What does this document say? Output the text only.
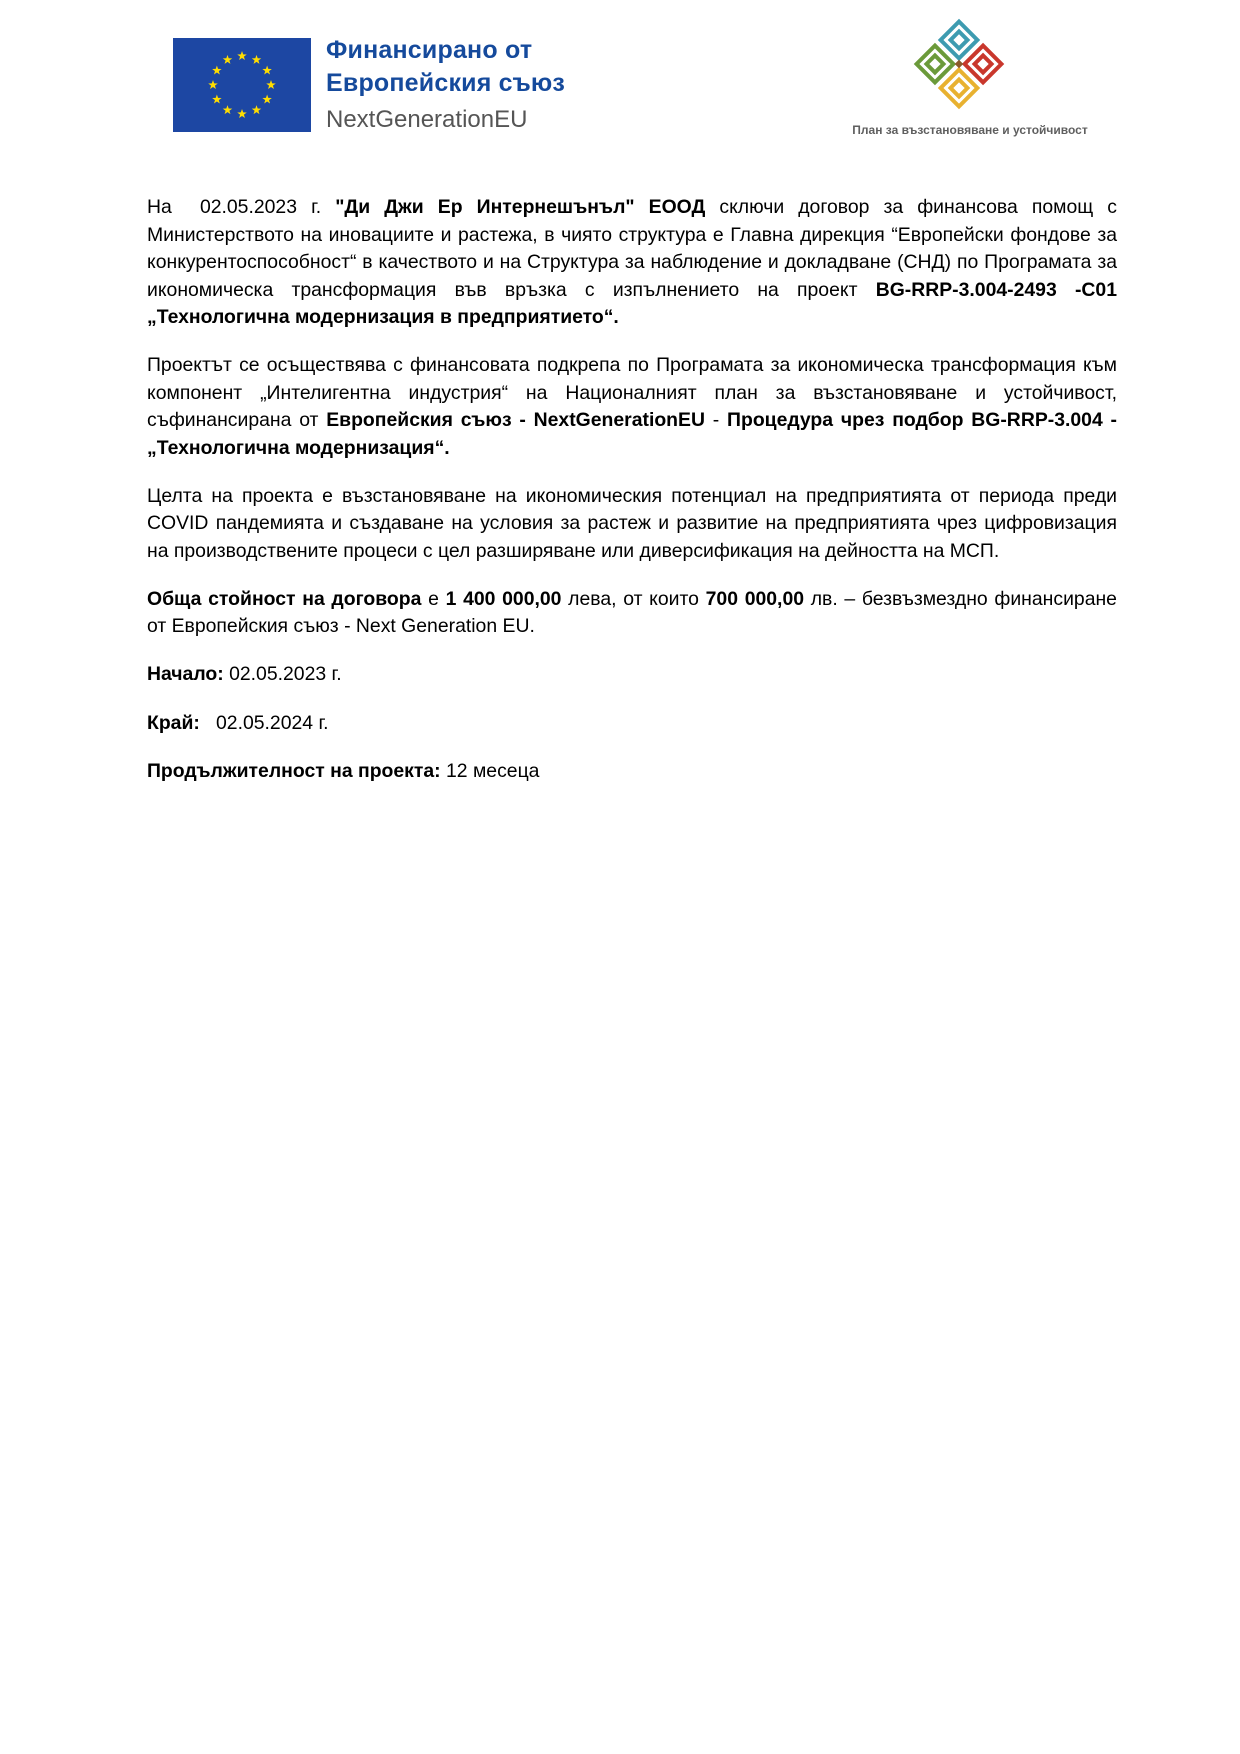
Финансирано от
Европейския съюз
NextGenerationEU	План за възстановяване и устойчивост

На  02.05.2023 г. "Ди Джи Ер Интернешънъл" ЕООД сключи договор за финансова помощ с Министерството на иновациите и растежа, в чиято структура е Главна дирекция “Европейски фондове за конкурентоспособност“ в качеството и на Структура за наблюдение и докладване (СНД) по Програмата за икономическа трансформация във връзка с изпълнението на проект BG-RRP-3.004-2493 -C01 „Технологична модернизация в предприятието“.

Проектът се осъществява с финансовата подкрепа по Програмата за икономическа трансформация към компонент „Интелигентна индустрия“ на Националният план за възстановяване и устойчивост, съфинансирана от Европейския съюз - NextGenerationEU - Процедура чрез подбор BG-RRP-3.004 - „Технологична модернизация“.

Целта на проекта е възстановяване на икономическия потенциал на предприятията от периода преди COVID пандемията и създаване на условия за растеж и развитие на предприятията чрез цифровизация на производствените процеси с цел разширяване или диверсификация на дейността на МСП.

Обща стойност на договора е 1 400 000,00 лева, от които 700 000,00 лв. – безвъзмездно финансиране от Европейския съюз - Next Generation EU.

Начало: 02.05.2023 г.

Край:   02.05.2024 г.

Продължителност на проекта: 12 месеца
